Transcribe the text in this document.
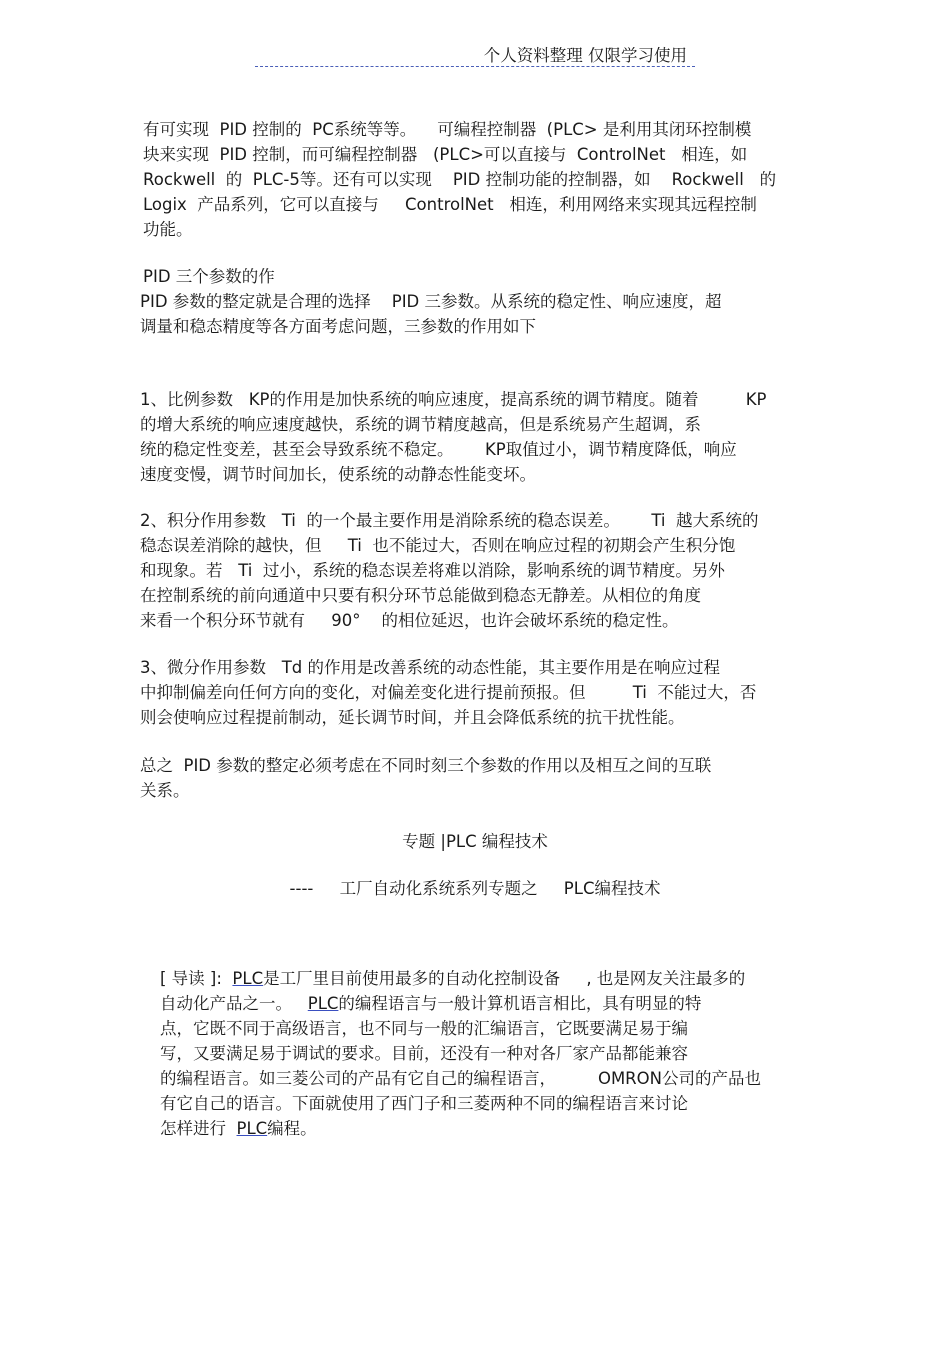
个人资料整理 仅限学习使用
有可实现  PID 控制的  PC系统等等。    可编程控制器  (PLC> 是利用其闭环控制模
块来实现  PID 控制，而可编程控制器   (PLC>可以直接与  ControlNet   相连，如
Rockwell  的  PLC-5等。还有可以实现    PID 控制功能的控制器，如    Rockwell   的
Logix  产品系列，它可以直接与     ControlNet   相连，利用网络来实现其远程控制
功能。
PID 三个参数的作
PID 参数的整定就是合理的选择    PID 三参数。从系统的稳定性、响应速度，超
调量和稳态精度等各方面考虑问题，三参数的作用如下
1、比例参数   KP的作用是加快系统的响应速度，提高系统的调节精度。随着         KP
的增大系统的响应速度越快，系统的调节精度越高，但是系统易产生超调，系
统的稳定性变差，甚至会导致系统不稳定。      KP取值过小，调节精度降低，响应
速度变慢，调节时间加长，使系统的动静态性能变坏。
2、积分作用参数   Ti  的一个最主要作用是消除系统的稳态误差。      Ti  越大系统的
稳态误差消除的越快，但     Ti  也不能过大，否则在响应过程的初期会产生积分饱
和现象。若   Ti  过小，系统的稳态误差将难以消除，影响系统的调节精度。另外
在控制系统的前向通道中只要有积分环节总能做到稳态无静差。从相位的角度
来看一个积分环节就有     90°    的相位延迟，也许会破坏系统的稳定性。
3、微分作用参数   Td 的作用是改善系统的动态性能，其主要作用是在响应过程
中抑制偏差向任何方向的变化，对偏差变化进行提前预报。但         Ti  不能过大，否
则会使响应过程提前制动，延长调节时间，并且会降低系统的抗干扰性能。
总之  PID 参数的整定必须考虑在不同时刻三个参数的作用以及相互之间的互联
关系。
专题 |PLC 编程技术
----     工厂自动化系统系列专题之     PLC编程技术
[ 导读 ]:  PLC是工厂里目前使用最多的自动化控制设备     , 也是网友关注最多的
自动化产品之一。   PLC的编程语言与一般计算机语言相比，具有明显的特
点，它既不同于高级语言，也不同与一般的汇编语言，它既要满足易于编
写，又要满足易于调试的要求。目前，还没有一种对各厂家产品都能兼容
的编程语言。如三菱公司的产品有它自己的编程语言，        OMRON公司的产品也
有它自己的语言。下面就使用了西门子和三菱两种不同的编程语言来讨论
怎样进行  PLC编程。
